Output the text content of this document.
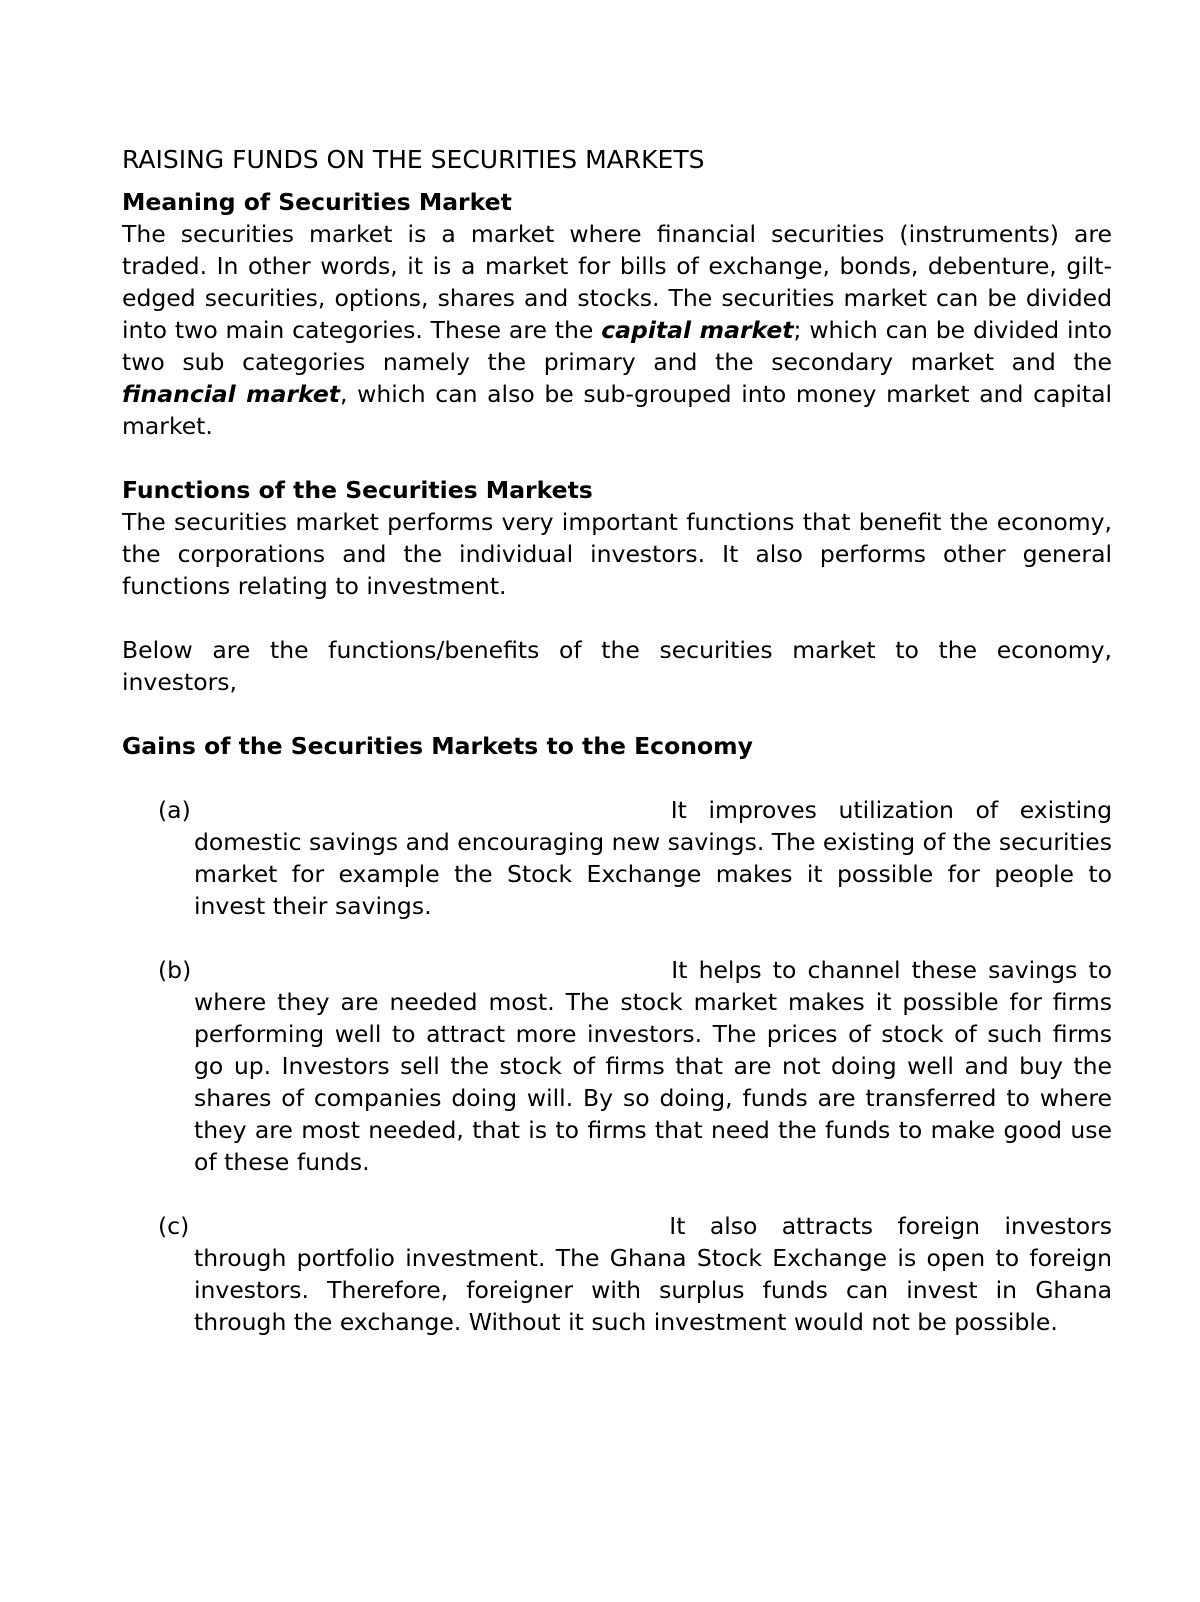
RAISING FUNDS ON THE SECURITIES MARKETS
Meaning of Securities Market

The securities market is a market where financial securities (instruments) are traded. In other words, it is a market for bills of exchange, bonds, debenture, gilt-edged securities, options, shares and stocks. The securities market can be divided into two main categories. These are the capital market; which can be divided into two sub categories namely the primary and the secondary market and the financial market, which can also be sub-grouped into money market and capital market.

Functions of the Securities Markets

The securities market performs very important functions that benefit the economy, the corporations and the individual investors. It also performs other general functions relating to investment.

Below are the functions/benefits of the securities market to the economy, investors,

Gains of the Securities Markets to the Economy
(a)	It improves utilization of existing domestic savings and encouraging new savings. The existing of the securities market for example the Stock Exchange makes it possible for people to invest their savings.
(b)	It helps to channel these savings to where they are needed most. The stock market makes it possible for firms performing well to attract more investors. The prices of stock of such firms go up. Investors sell the stock of firms that are not doing well and buy the shares of companies doing will. By so doing, funds are transferred to where they are most needed, that is to firms that need the funds to make good use of these funds.
(c)	It also attracts foreign investors through portfolio investment. The Ghana Stock Exchange is open to foreign investors. Therefore, foreigner with surplus funds can invest in Ghana through the exchange. Without it such investment would not be possible.
